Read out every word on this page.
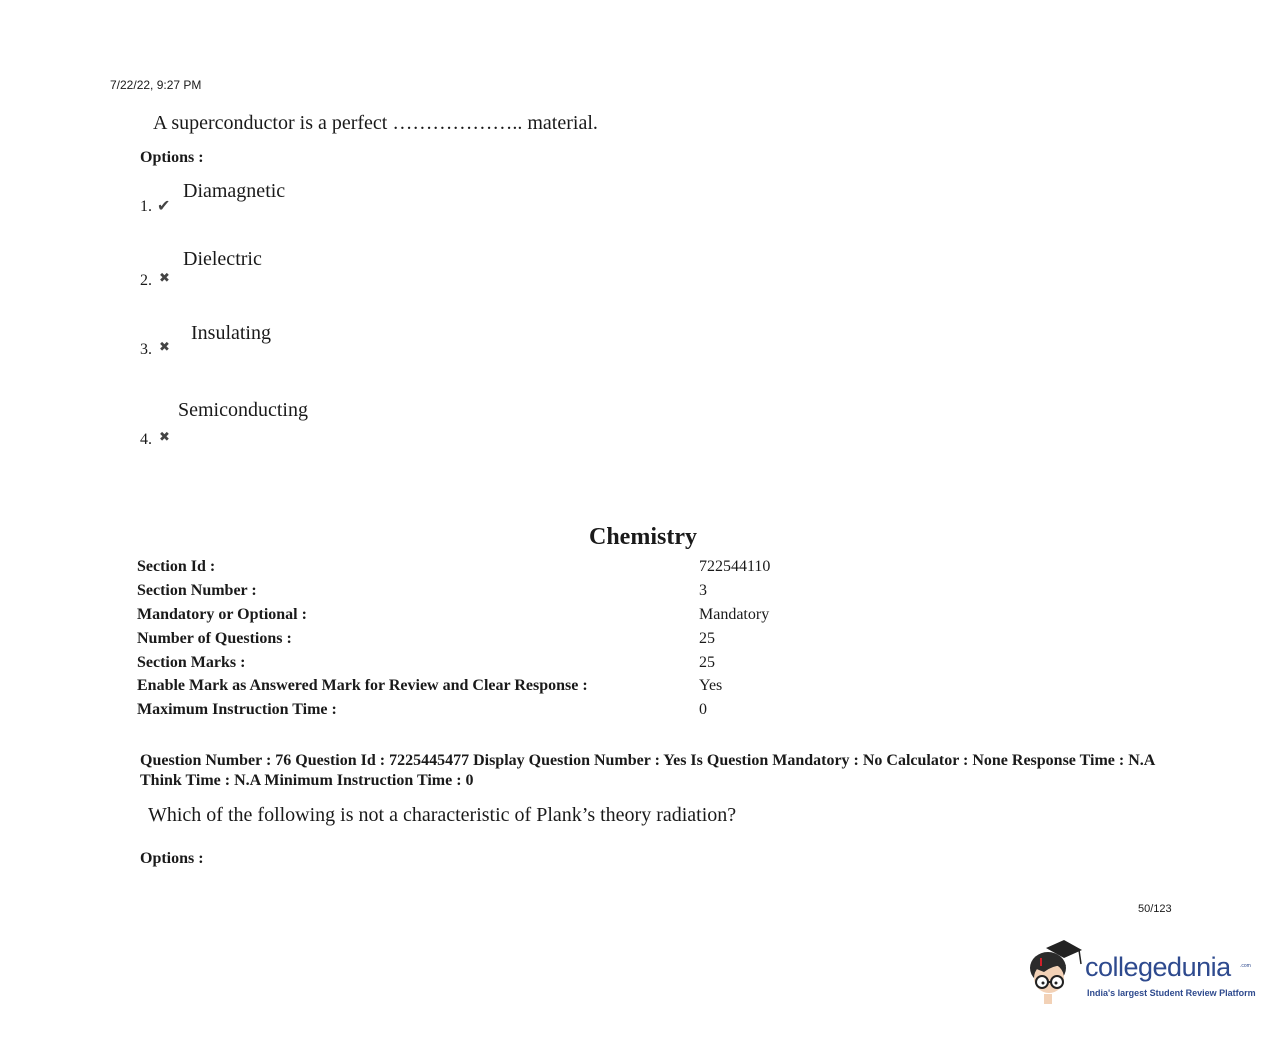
7/22/22, 9:27 PM
A superconductor is a perfect ……………….. material.
Options :
1. ✔
Diamagnetic
2. ✖
Dielectric
3. ✖
Insulating
4. ✖
Semiconducting
Chemistry
Section Id :	722544110
Section Number :	3
Mandatory or Optional :	Mandatory
Number of Questions :	25
Section Marks :	25
Enable Mark as Answered Mark for Review and Clear Response :	Yes
Maximum Instruction Time :	0
Question Number : 76 Question Id : 7225445477 Display Question Number : Yes Is Question Mandatory : No Calculator : None Response Time : N.A Think Time : N.A Minimum Instruction Time : 0
Which of the following is not a characteristic of Plank’s theory radiation?
Options :
50/123
collegedunia .com
India's largest Student Review Platform
